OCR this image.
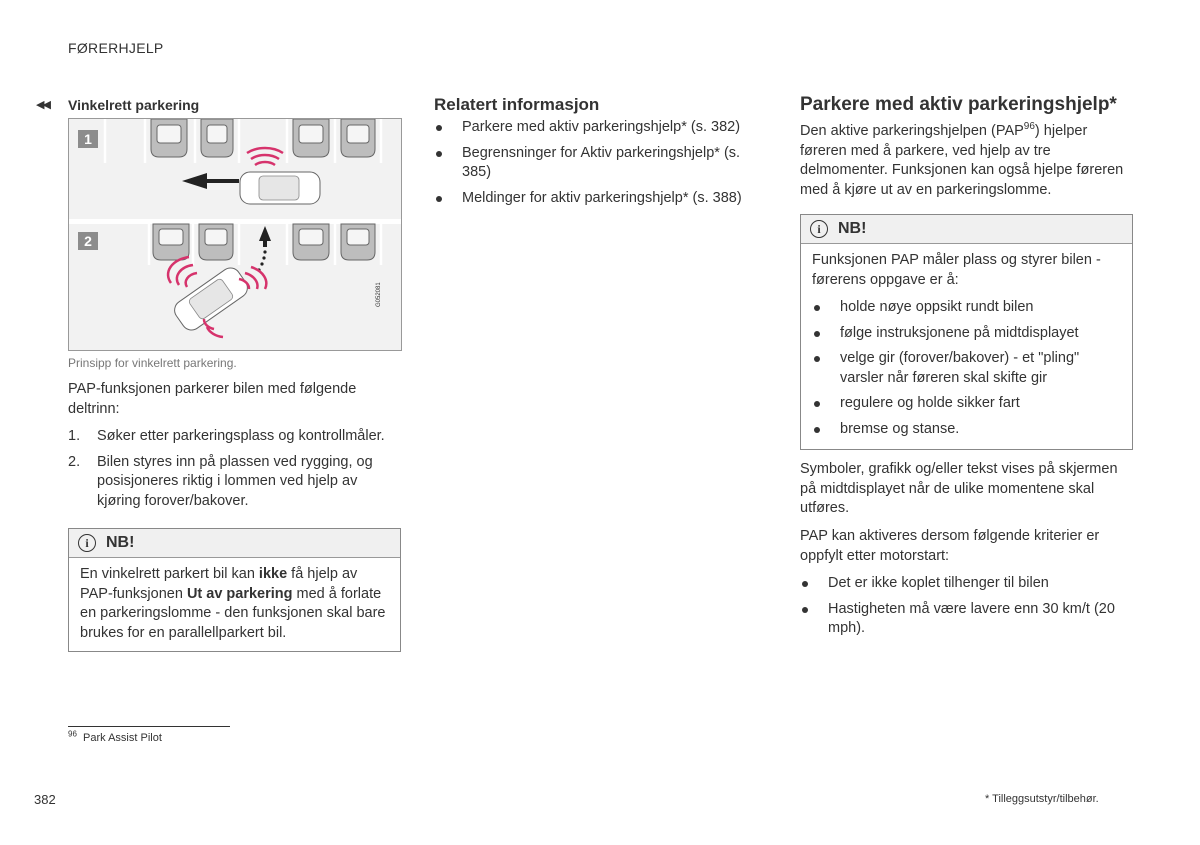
FØRERHJELP
◀◀ Vinkelrett parkering
1
2
G052081
Prinsipp for vinkelrett parkering.
PAP-funksjonen parkerer bilen med følgende deltrinn:
1. Søker etter parkeringsplass og kontrollmåler.
2. Bilen styres inn på plassen ved rygging, og posisjoneres riktig i lommen ved hjelp av kjøring forover/bakover.
i	NB!
En vinkelrett parkert bil kan ikke få hjelp av PAP-funksjonen Ut av parkering med å forlate en parkeringslomme - den funksjonen skal bare brukes for en parallellparkert bil.
Relatert informasjon
Parkere med aktiv parkeringshjelp* (s. 382)
Begrensninger for Aktiv parkeringshjelp* (s. 385)
Meldinger for aktiv parkeringshjelp* (s. 388)
Parkere med aktiv parkeringshjelp*
Den aktive parkeringshjelpen (PAP$^{96}$) hjelper føreren med å parkere, ved hjelp av tre delmomenter. Funksjonen kan også hjelpe føreren med å kjøre ut av en parkeringslomme.
i	NB!
Funksjonen PAP måler plass og styrer bilen - førerens oppgave er å:
holde nøye oppsikt rundt bilen
følge instruksjonene på midtdisplayet
velge gir (forover/bakover) - et "pling" varsler når føreren skal skifte gir
regulere og holde sikker fart
bremse og stanse.
Symboler, grafikk og/eller tekst vises på skjermen på midtdisplayet når de ulike momentene skal utføres.
PAP kan aktiveres dersom følgende kriterier er oppfylt etter motorstart:
Det er ikke koplet tilhenger til bilen
Hastigheten må være lavere enn 30 km/t (20 mph).
$^{96}$ Park Assist Pilot
382	* Tilleggsutstyr/tilbehør.
